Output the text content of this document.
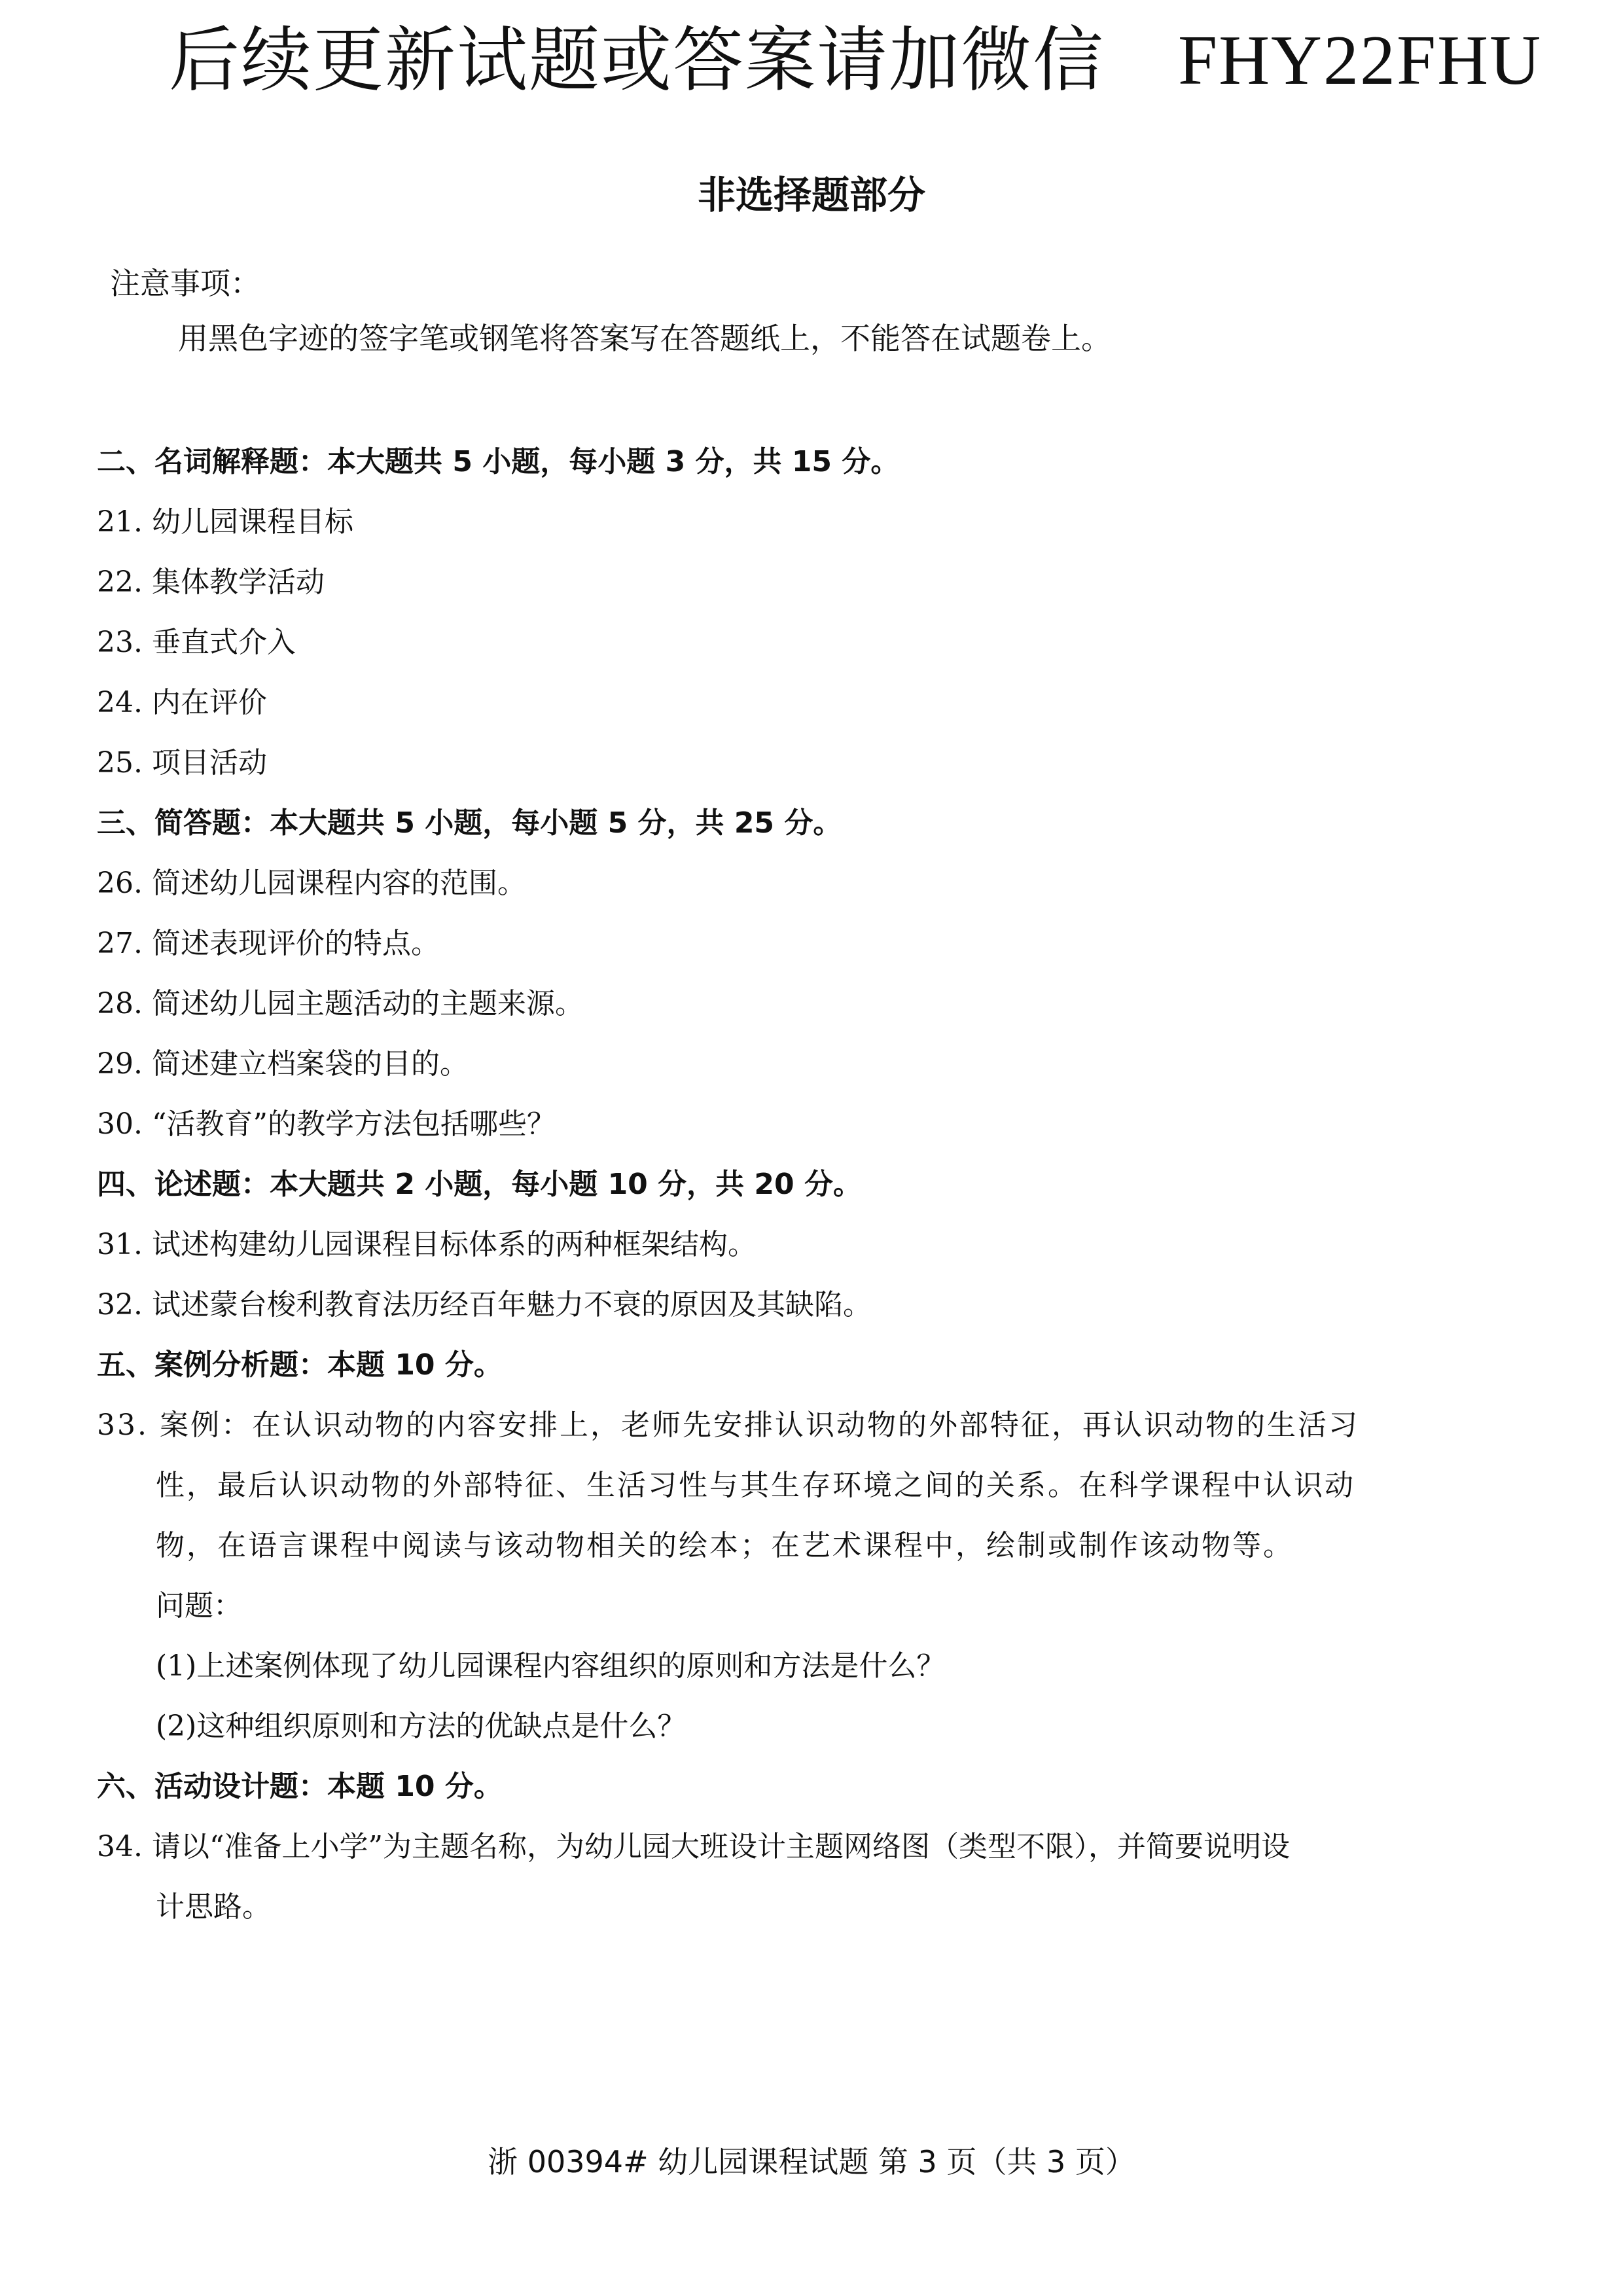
后续更新试题或答案请加微信 FHY22FHU
非选择题部分
注意事项：
用黑色字迹的签字笔或钢笔将答案写在答题纸上，不能答在试题卷上。
二、名词解释题：本大题共 5 小题，每小题 3 分，共 15 分。
21. 幼儿园课程目标
22. 集体教学活动
23. 垂直式介入
24. 内在评价
25. 项目活动
三、简答题：本大题共 5 小题，每小题 5 分，共 25 分。
26. 简述幼儿园课程内容的范围。
27. 简述表现评价的特点。
28. 简述幼儿园主题活动的主题来源。
29. 简述建立档案袋的目的。
30. “活教育”的教学方法包括哪些？
四、论述题：本大题共 2 小题，每小题 10 分，共 20 分。
31. 试述构建幼儿园课程目标体系的两种框架结构。
32. 试述蒙台梭利教育法历经百年魅力不衰的原因及其缺陷。
五、案例分析题：本题 10 分。
33. 案例：在认识动物的内容安排上，老师先安排认识动物的外部特征，再认识动物的生活习
性，最后认识动物的外部特征、生活习性与其生存环境之间的关系。在科学课程中认识动
物，在语言课程中阅读与该动物相关的绘本；在艺术课程中，绘制或制作该动物等。
问题：
(1)上述案例体现了幼儿园课程内容组织的原则和方法是什么？
(2)这种组织原则和方法的优缺点是什么？
六、活动设计题：本题 10 分。
34. 请以“准备上小学”为主题名称，为幼儿园大班设计主题网络图（类型不限），并简要说明设
计思路。
浙 00394# 幼儿园课程试题 第 3 页（共 3 页）
